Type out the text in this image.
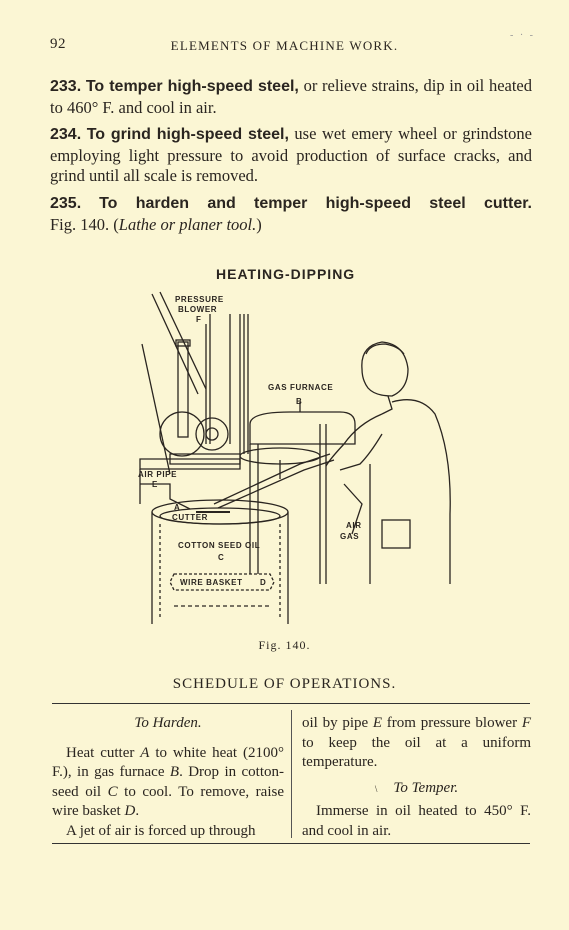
92	ELEMENTS OF MACHINE WORK.
- · -
233. To temper high-speed steel, or relieve strains, dip in oil heated to 460° F. and cool in air.
234. To grind high-speed steel, use wet emery wheel or grindstone employing light pressure to avoid production of surface cracks, and grind until all scale is removed.
235. To harden and temper high-speed steel cutter.
Fig. 140. (Lathe or planer tool.)
HEATING-DIPPING
PRESSURE
BLOWER
F
GAS FURNACE
B
AIR PIPE
E
A
CUTTER
COTTON SEED OIL
C
WIRE BASKET D
AIR
GAS
Fig. 140.
SCHEDULE OF OPERATIONS.
To Harden.
Heat cutter A to white heat (2100° F.), in gas furnace B. Drop in cotton-seed oil C to cool. To remove, raise wire basket D.
A jet of air is forced up through
oil by pipe E from pressure blower F to keep the oil at a uniform temperature.
\ To Temper.
Immerse in oil heated to 450° F. and cool in air.
